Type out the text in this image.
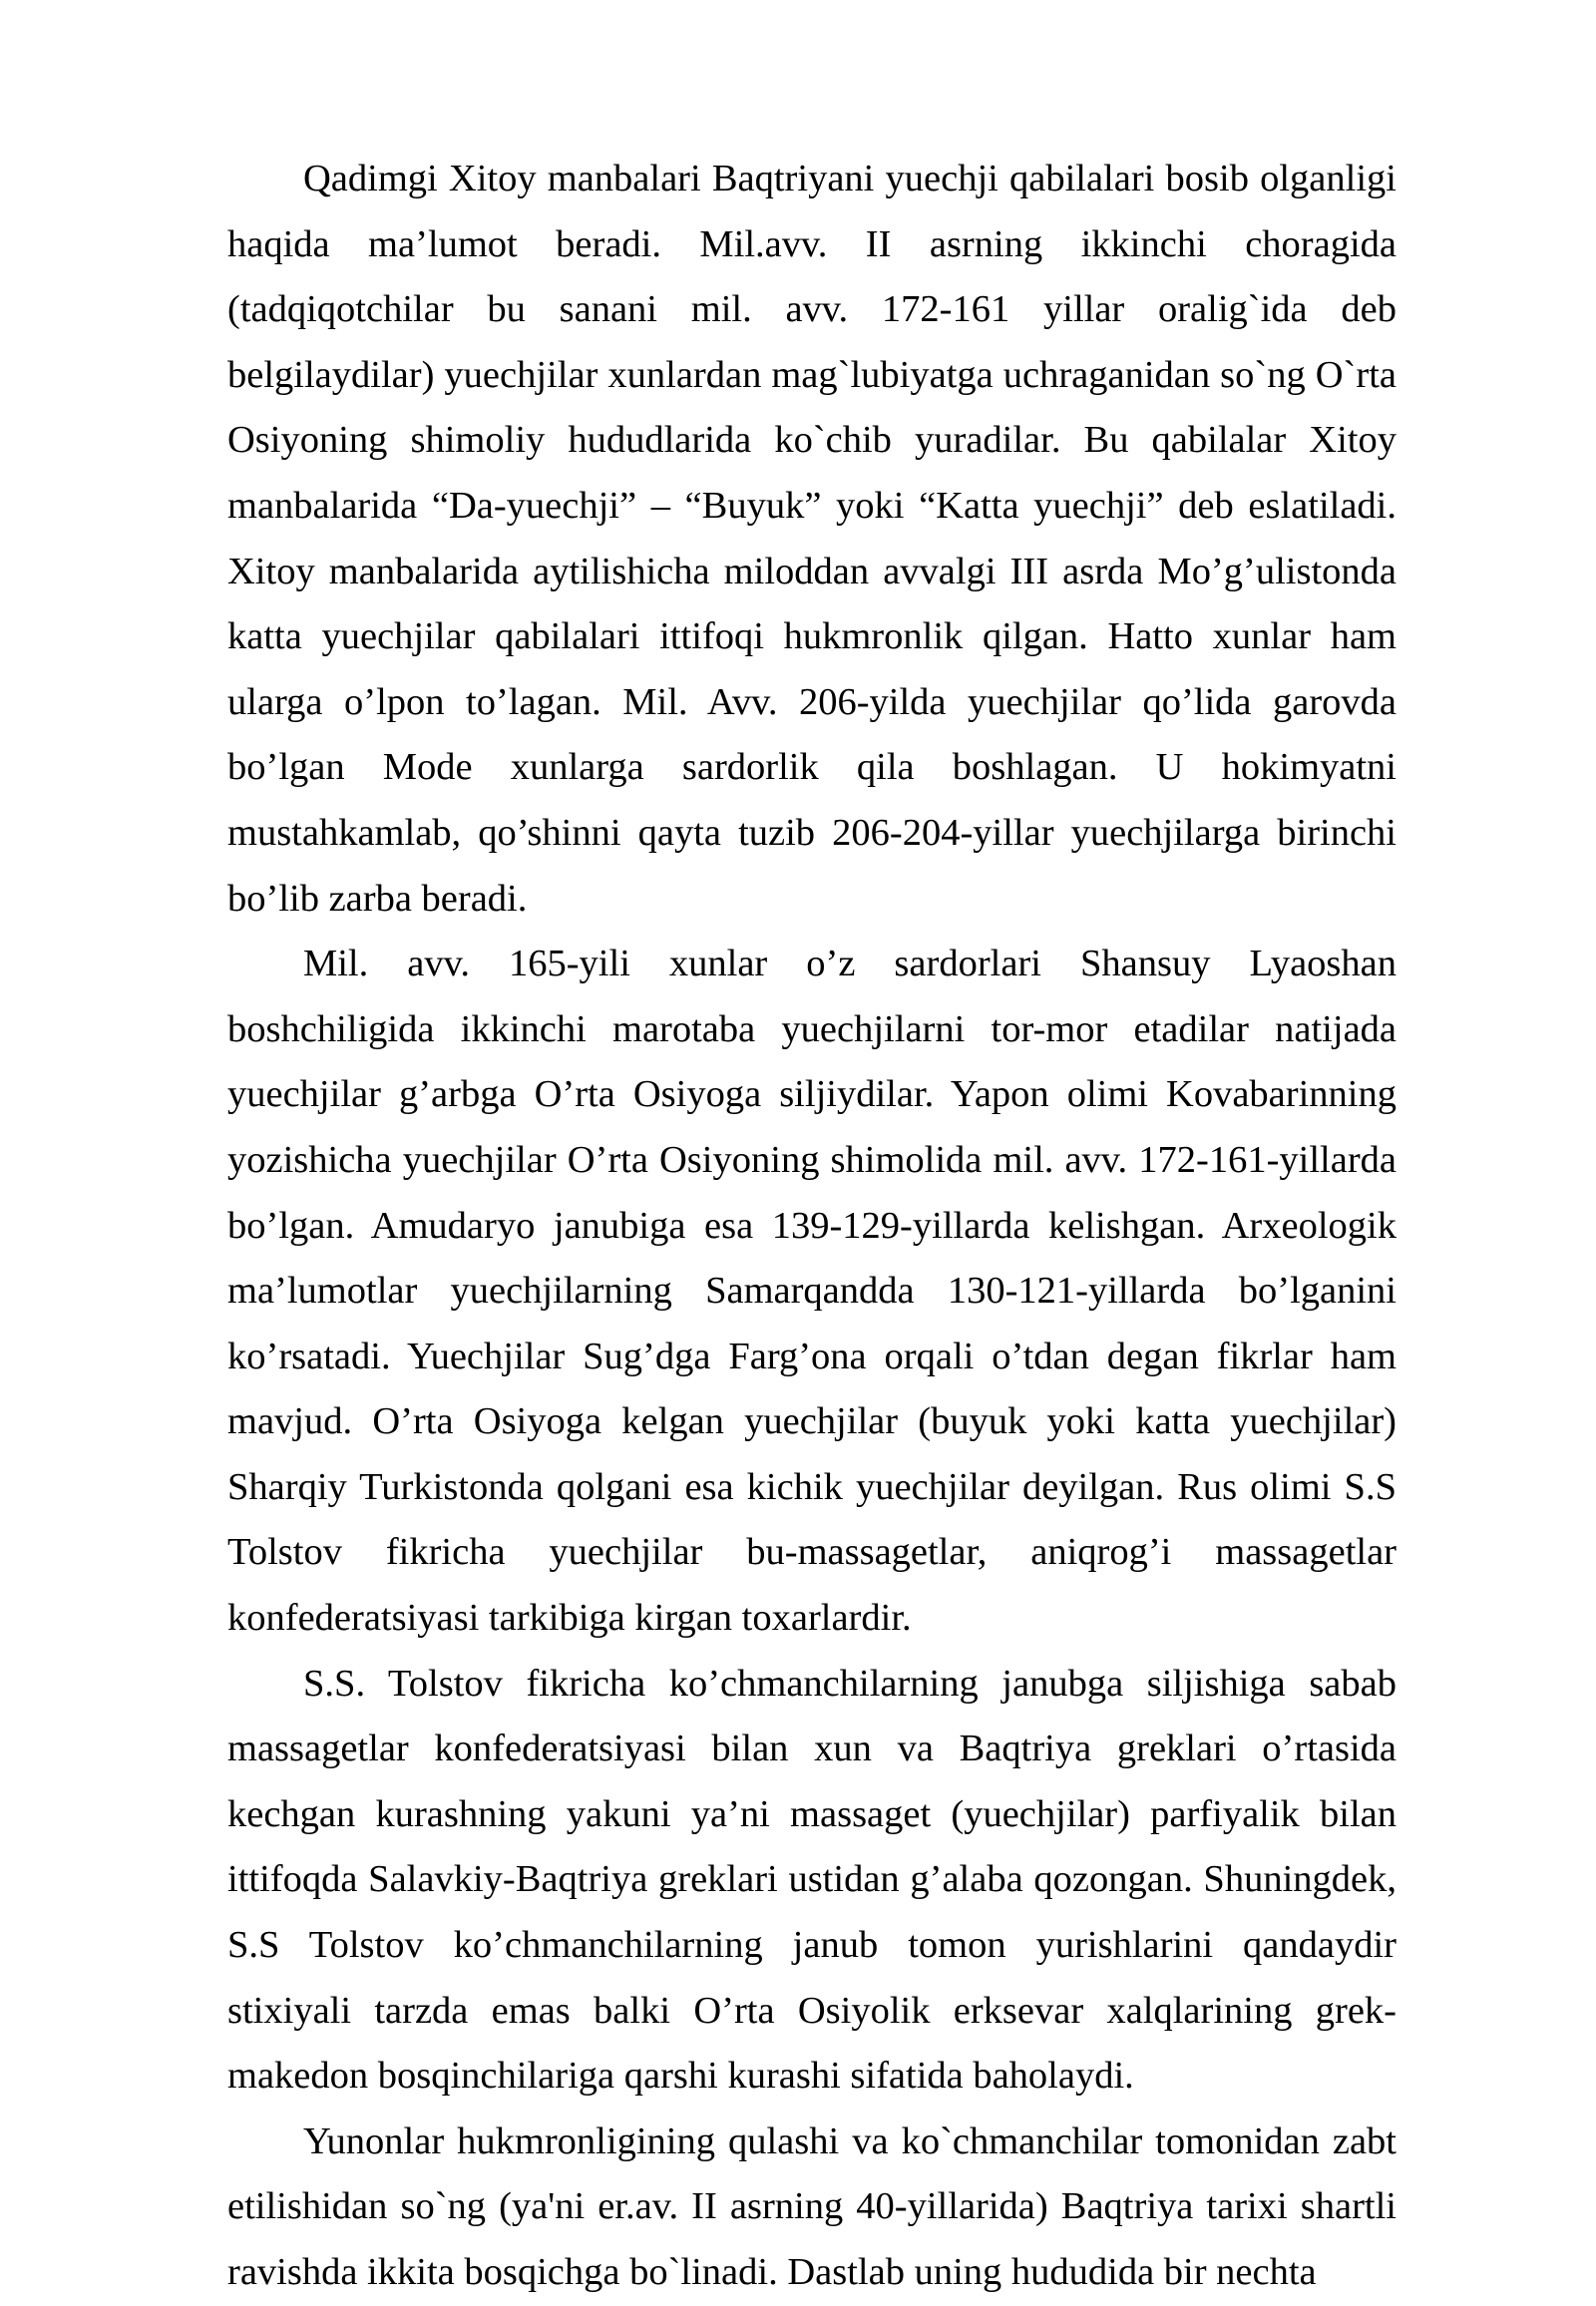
Qadimgi Xitoy manbalari Baqtriyani yuechji qabilalari bosib olganligi haqida ma’lumot beradi. Mil.avv. II asrning ikkinchi choragida (tadqiqotchilar bu sanani mil. avv. 172-161 yillar oralig`ida deb belgilaydilar) yuechjilar xunlardan mag`lubiyatga uchraganidan so`ng O`rta Osiyoning shimoliy hududlarida ko`chib yuradilar. Bu qabilalar Xitoy manbalarida “Da-yuechji” – “Buyuk” yoki “Katta yuechji” deb eslatiladi. Xitoy manbalarida aytilishicha miloddan avvalgi III asrda Mo’g’ulistonda katta yuechjilar qabilalari ittifoqi hukmronlik qilgan. Hatto xunlar ham ularga o’lpon to’lagan. Mil. Avv. 206-yilda yuechjilar qo’lida garovda bo’lgan Mode xunlarga sardorlik qila boshlagan. U hokimyatni mustahkamlab, qo’shinni qayta tuzib 206-204-yillar yuechjilarga birinchi bo’lib zarba beradi.

Mil. avv. 165-yili xunlar o’z sardorlari Shansuy Lyaoshan boshchiligida ikkinchi marotaba yuechjilarni tor-mor etadilar natijada yuechjilar g’arbga O’rta Osiyoga siljiydilar. Yapon olimi Kovabarinning yozishicha yuechjilar O’rta Osiyoning shimolida mil. avv. 172-161-yillarda bo’lgan. Amudaryo janubiga esa 139-129-yillarda kelishgan. Arxeologik ma’lumotlar yuechjilarning Samarqandda 130-121-yillarda bo’lganini ko’rsatadi. Yuechjilar Sug’dga Farg’ona orqali o’tdan degan fikrlar ham mavjud. O’rta Osiyoga kelgan yuechjilar (buyuk yoki katta yuechjilar) Sharqiy Turkistonda qolgani esa kichik yuechjilar deyilgan. Rus olimi S.S Tolstov fikricha yuechjilar bu-massagetlar, aniqrog’i massagetlar konfederatsiyasi tarkibiga kirgan toxarlardir.

S.S. Tolstov fikricha ko’chmanchilarning janubga siljishiga sabab massagetlar konfederatsiyasi bilan xun va Baqtriya greklari o’rtasida kechgan kurashning yakuni ya’ni massaget (yuechjilar) parfiyalik bilan ittifoqda Salavkiy-Baqtriya greklari ustidan g’alaba qozongan. Shuningdek, S.S Tolstov ko’chmanchilarning janub tomon yurishlarini qandaydir stixiyali tarzda emas balki O’rta Osiyolik erksevar xalqlarining grek-makedon bosqinchilariga qarshi kurashi sifatida baholaydi.

Yunonlar hukmronligining qulashi va ko`chmanchilar tomonidan zabt etilishidan so`ng (ya'ni er.av. II asrning 40-yillarida) Baqtriya tarixi shartli ravishda ikkita bosqichga bo`linadi. Dastlab uning hududida bir nechta
